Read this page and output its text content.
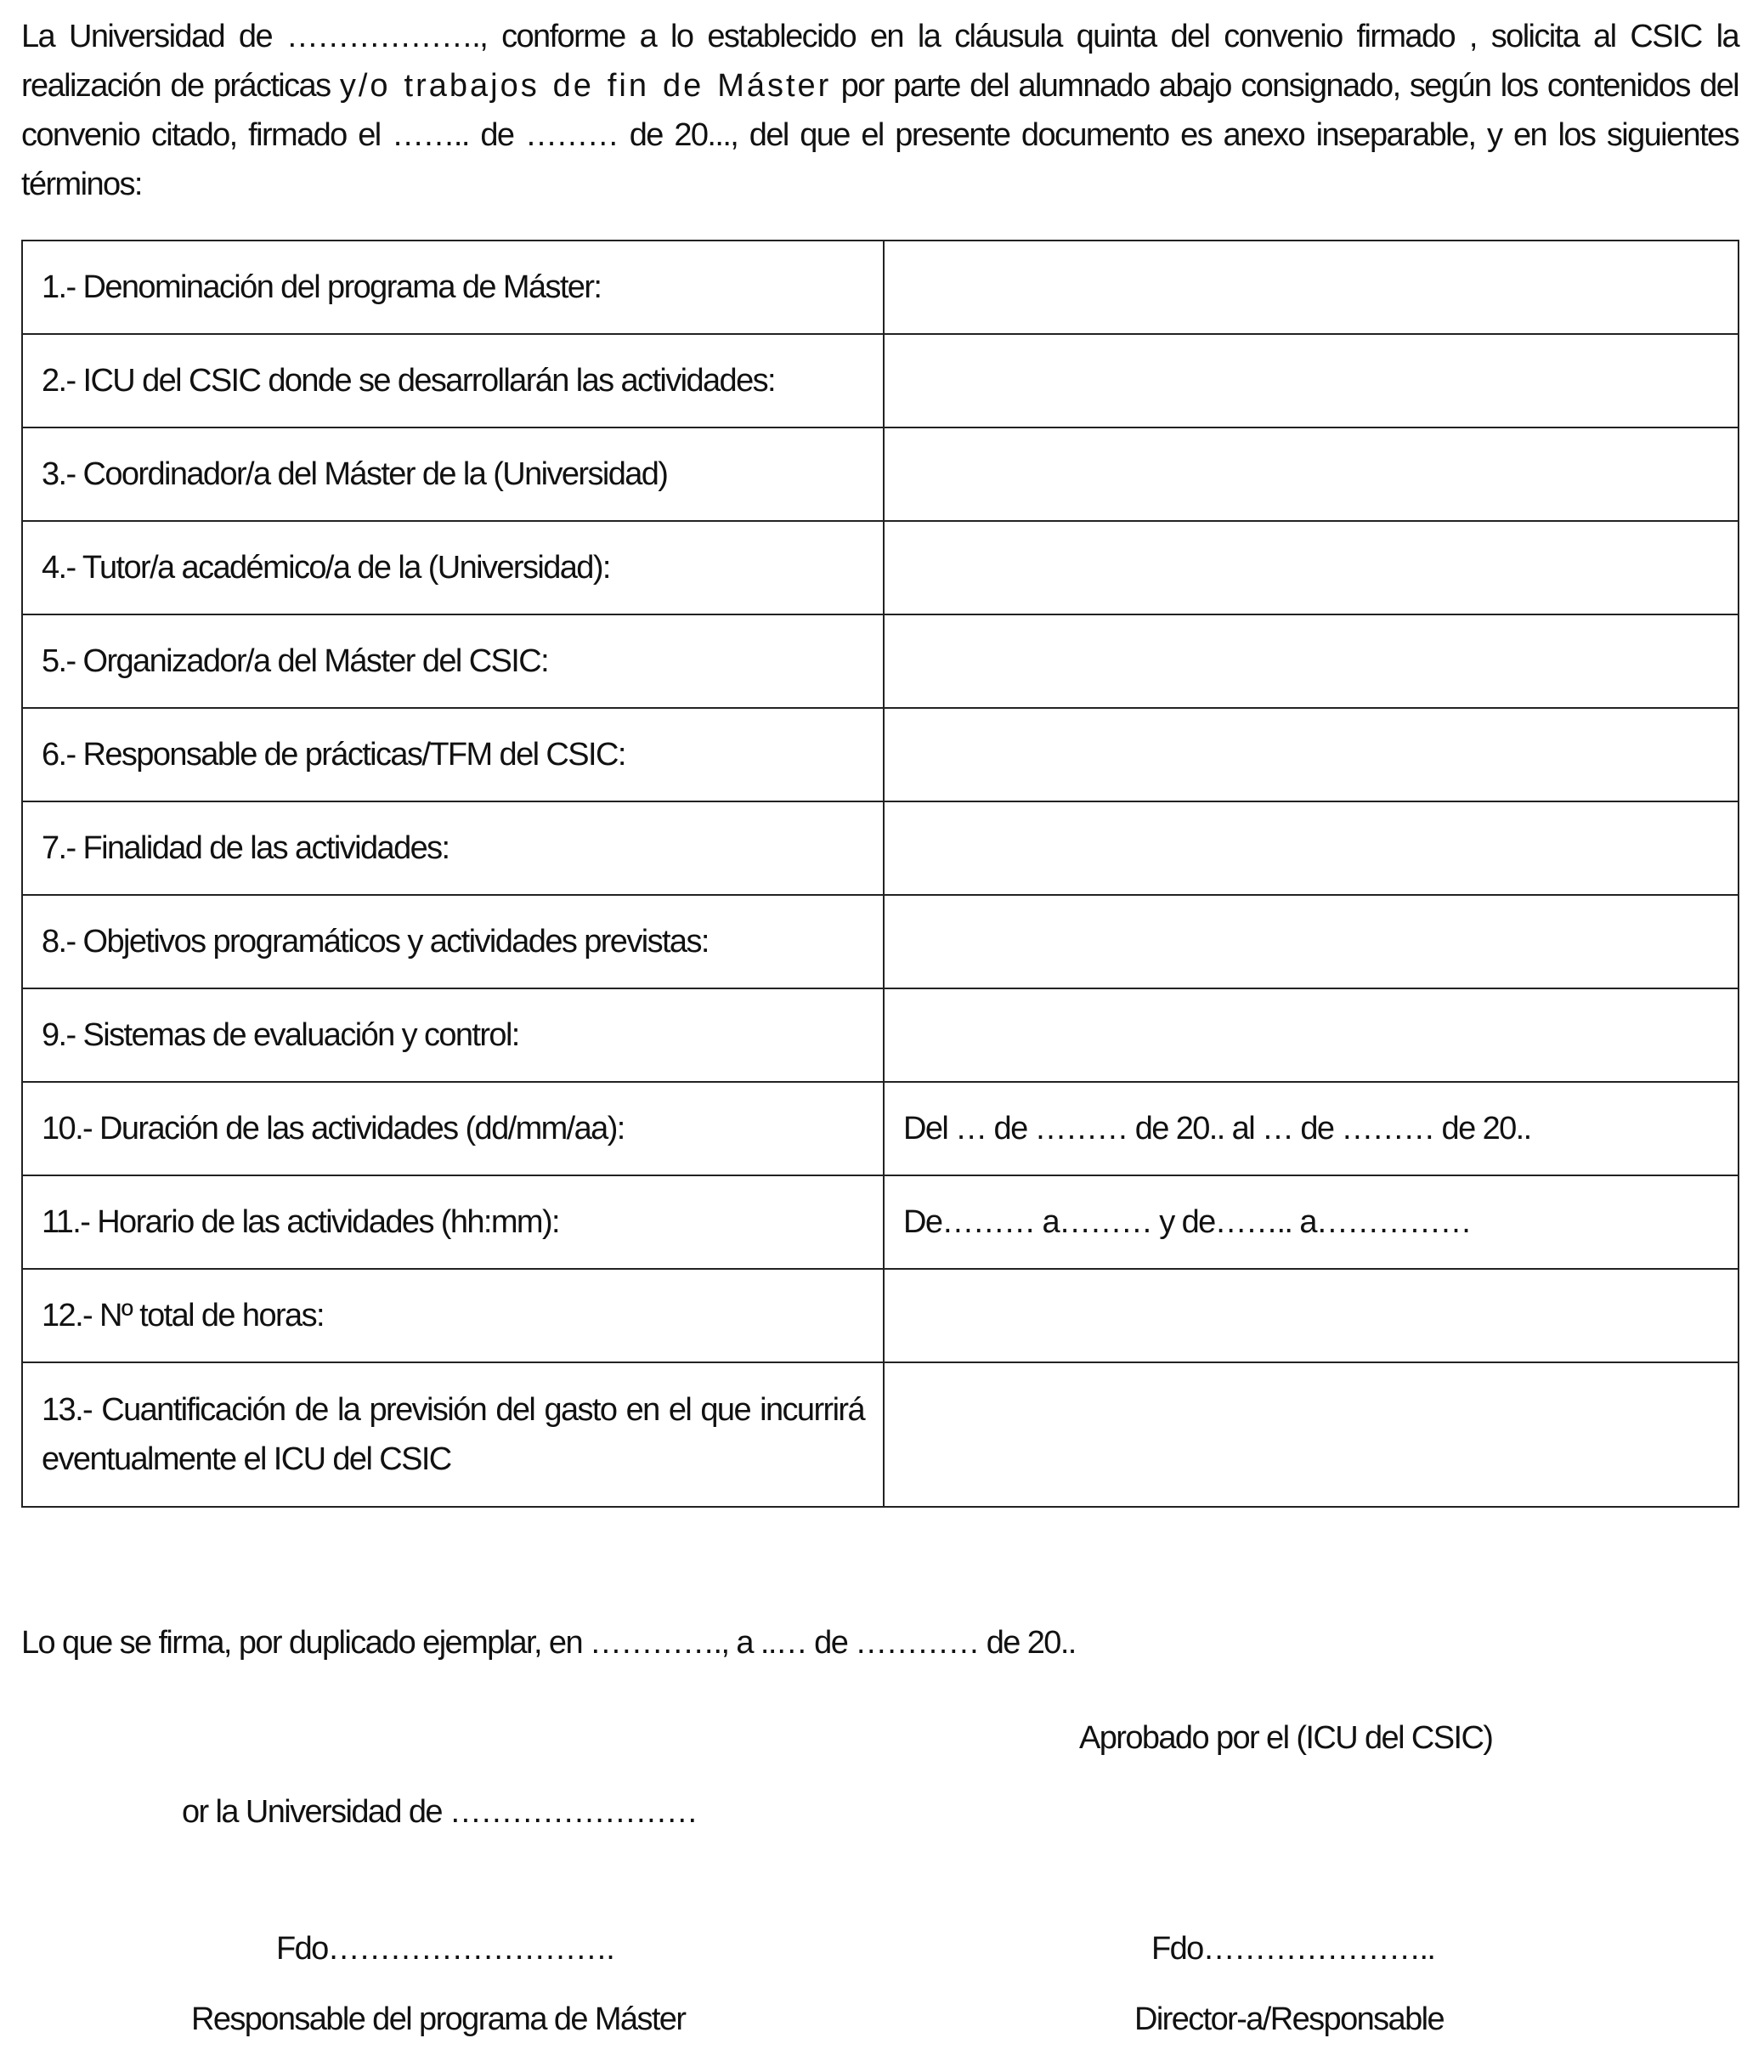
La Universidad de ………………., conforme a lo establecido en la cláusula quinta del convenio firmado , solicita al CSIC la realización de prácticas y/o trabajos de fin de Máster por parte del alumnado abajo consignado, según los contenidos del convenio citado, firmado el …….. de ……… de 20..., del que el presente documento es anexo inseparable, y en los siguientes términos:
1.- Denominación del programa de Máster:	
2.- ICU del CSIC donde se desarrollarán las actividades:	
3.- Coordinador/a del Máster de la (Universidad)	
4.- Tutor/a académico/a de la (Universidad):	
5.- Organizador/a del Máster del CSIC:	
6.- Responsable de prácticas/TFM del CSIC:	
7.- Finalidad de las actividades:	
8.- Objetivos programáticos y actividades previstas:	
9.- Sistemas de evaluación y control:	
10.- Duración de las actividades (dd/mm/aa):	Del … de ……… de 20.. al … de ……… de 20..
11.- Horario de las actividades (hh:mm):	De……… a……… y de…….. a……………
12.- Nº total de horas:	
13.- Cuantificación de la previsión del gasto en el que incurrirá eventualmente el ICU del CSIC	
Lo que se firma, por duplicado ejemplar, en …………., a ..… de ………… de 20..
Aprobado por el (ICU del CSIC)
or la Universidad de ……………………
Fdo……………………….	Fdo…………………..
Responsable del programa de Máster	Director-a/Responsable
